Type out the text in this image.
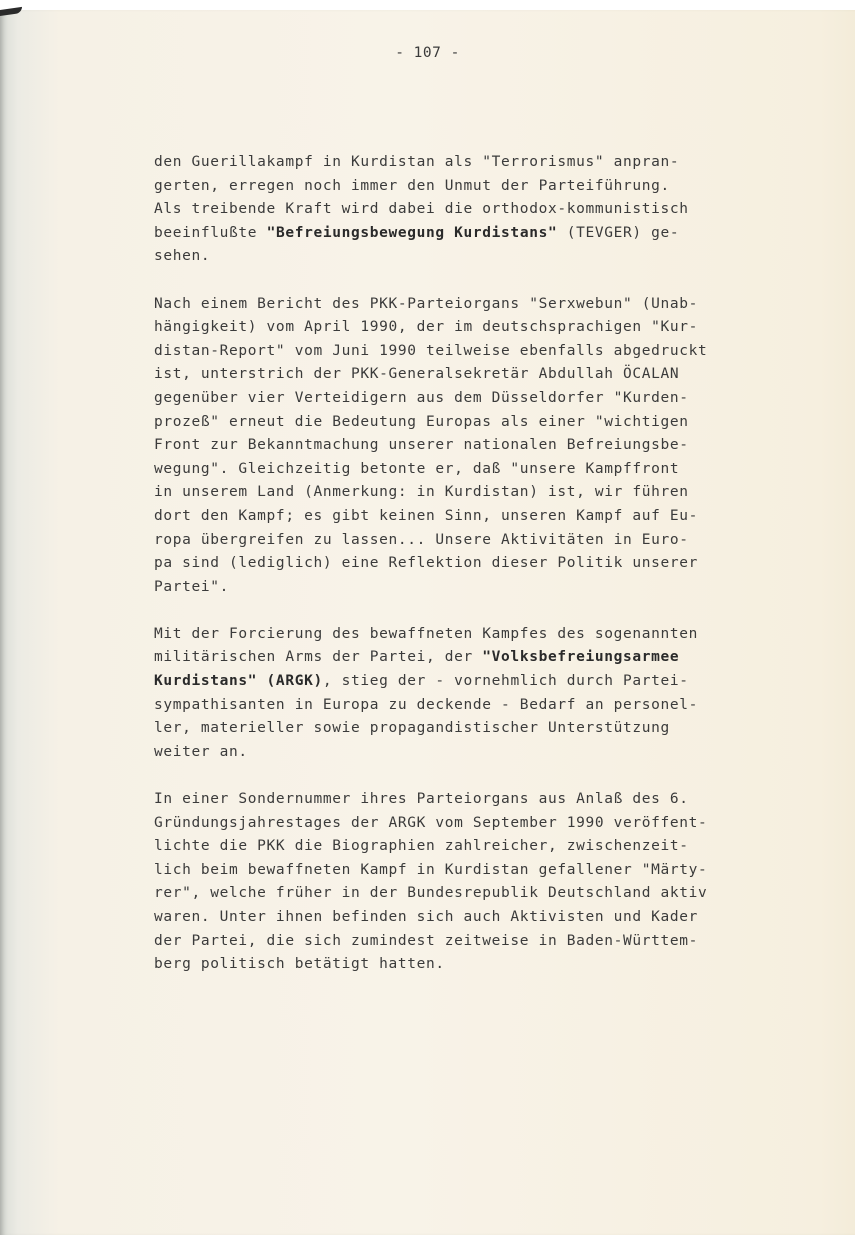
- 107 -
den Guerillakampf in Kurdistan als "Terrorismus" anpran-
gerten, erregen noch immer den Unmut der Parteiführung.
Als treibende Kraft wird dabei die orthodox-kommunistisch
beeinflußte "Befreiungsbewegung Kurdistans" (TEVGER) ge-
sehen.
Nach einem Bericht des PKK-Parteiorgans "Serxwebun" (Unab-
hängigkeit) vom April 1990, der im deutschsprachigen "Kur-
distan-Report" vom Juni 1990 teilweise ebenfalls abgedruckt
ist, unterstrich der PKK-Generalsekretär Abdullah ÖCALAN
gegenüber vier Verteidigern aus dem Düsseldorfer "Kurden-
prozeß" erneut die Bedeutung Europas als einer "wichtigen
Front zur Bekanntmachung unserer nationalen Befreiungsbe-
wegung". Gleichzeitig betonte er, daß "unsere Kampffront
in unserem Land (Anmerkung: in Kurdistan) ist, wir führen
dort den Kampf; es gibt keinen Sinn, unseren Kampf auf Eu-
ropa übergreifen zu lassen... Unsere Aktivitäten in Euro-
pa sind (lediglich) eine Reflektion dieser Politik unserer
Partei".
Mit der Forcierung des bewaffneten Kampfes des sogenannten
militärischen Arms der Partei, der "Volksbefreiungsarmee
Kurdistans" (ARGK), stieg der - vornehmlich durch Partei-
sympathisanten in Europa zu deckende - Bedarf an personel-
ler, materieller sowie propagandistischer Unterstützung
weiter an.
In einer Sondernummer ihres Parteiorgans aus Anlaß des 6.
Gründungsjahrestages der ARGK vom September 1990 veröffent-
lichte die PKK die Biographien zahlreicher, zwischenzeit-
lich beim bewaffneten Kampf in Kurdistan gefallener "Märty-
rer", welche früher in der Bundesrepublik Deutschland aktiv
waren. Unter ihnen befinden sich auch Aktivisten und Kader
der Partei, die sich zumindest zeitweise in Baden-Württem-
berg politisch betätigt hatten.
